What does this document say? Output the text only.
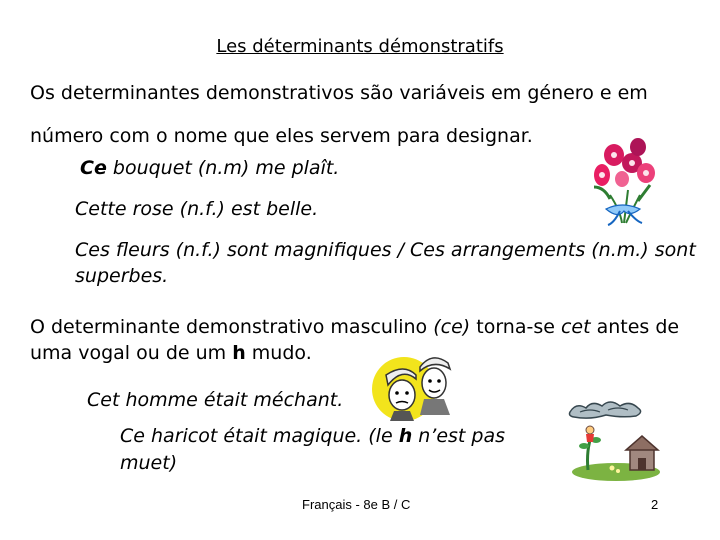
Les déterminants démonstratifs
Os determinantes demonstrativos são variáveis em género e em
número com o nome que eles servem para designar.
Ce bouquet (n.m) me plaît.
Cette rose (n.f.) est belle.
Ces fleurs (n.f.) sont magnifiques / Ces arrangements (n.m.) sont
superbes.
O determinante demonstrativo masculino (ce) torna-se cet antes de
uma vogal ou de um h mudo.
Cet homme était méchant.
Ce haricot était magique. (le h n’est pas
muet)
Français - 8e B / C	2
